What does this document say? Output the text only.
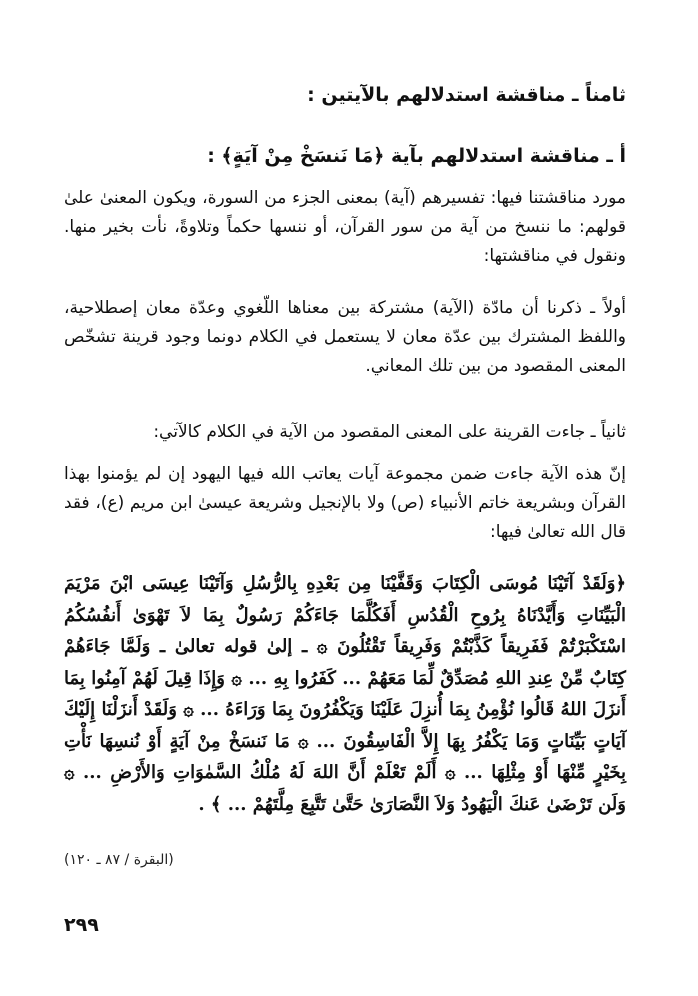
ثامناً ـ مناقشة استدلالهم بالآيتين :
أ ـ مناقشة استدلالهم بآية ﴿مَا نَنسَخْ مِنْ آيَةٍ﴾ :
مورد مناقشتنا فيها: تفسيرهم (آية) بمعنى الجزء من السورة، ويكون المعنىٰ علىٰ قولهم: ما ننسخ من آية من سور القرآن، أو ننسها حكماً وتلاوةً، نأت بخير منها. ونقول في مناقشتها:
أولاً ـ ذكرنا أن مادّة (الآية) مشتركة بين معناها اللّغوي وعدّة معان إصطلاحية، واللفظ المشترك بين عدّة معان لا يستعمل في الكلام دونما وجود قرينة تشخّص المعنى المقصود من بين تلك المعاني.
ثانياً ـ جاءت القرينة على المعنى المقصود من الآية في الكلام كالآتي:
إنّ هذه الآية جاءت ضمن مجموعة آيات يعاتب الله فيها اليهود إن لم يؤمنوا بهذا القرآن وبشريعة خاتم الأنبياء (ص) ولا بالإنجيل وشريعة عيسىٰ ابن مريم (ع)، فقد قال الله تعالىٰ فيها:
﴿وَلَقَدْ آتَيْنَا مُوسَى الْكِتَابَ وَقَفَّيْنَا مِن بَعْدِهِ بِالرُّسُلِ وَآتَيْنَا عِيسَى ابْنَ مَرْيَمَ الْبَيِّنَاتِ وَأَيَّدْنَاهُ بِرُوحِ الْقُدُسِ أَفَكُلَّمَا جَاءَكُمْ رَسُولٌ بِمَا لاَ تَهْوَىٰ أَنفُسُكُمُ اسْتَكْبَرْتُمْ فَفَرِيقاً كَذَّبْتُمْ وَفَرِيقاً تَقْتُلُونَ ۞ ـ إلىٰ قوله تعالىٰ ـ وَلَمَّا جَاءَهُمْ كِتَابٌ مِّنْ عِندِ اللهِ مُصَدِّقٌ لِّمَا مَعَهُمْ ... كَفَرُوا بِهِ ... ۞ وَإِذَا قِيلَ لَهُمْ آمِنُوا بِمَا أَنزَلَ اللهُ قَالُوا نُؤْمِنُ بِمَا أُنزِلَ عَلَيْنَا وَيَكْفُرُونَ بِمَا وَرَاءَهُ ... ۞ وَلَقَدْ أَنزَلْنَا إِلَيْكَ آيَاتٍ بَيِّنَاتٍ وَمَا يَكْفُرُ بِهَا إِلاَّ الْفَاسِقُونَ ... ۞ مَا نَنسَخْ مِنْ آيَةٍ أَوْ نُنسِهَا نَأْتِ بِخَيْرٍ مِّنْهَا أَوْ مِثْلِهَا ... ۞ أَلَمْ تَعْلَمْ أَنَّ اللهَ لَهُ مُلْكُ السَّمٰوَاتِ وَالأَرْضِ ... ۞ وَلَن تَرْضَىٰ عَنكَ الْيَهُودُ وَلاَ النَّصَارَىٰ حَتَّىٰ تَتَّبِعَ مِلَّتَهُمْ ... ﴾ .
(البقرة / ٨٧ ـ ١٢٠)
٢٩٩
